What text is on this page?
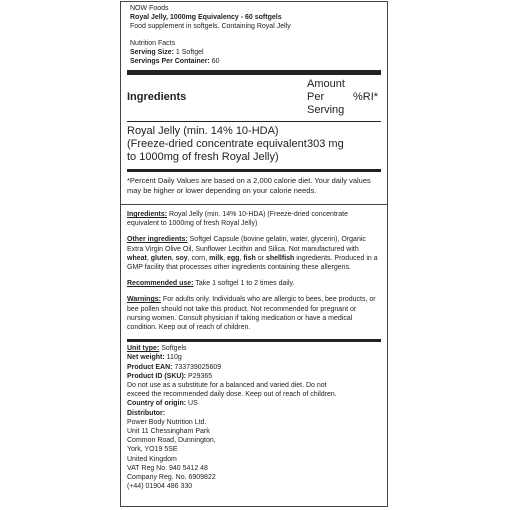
NOW Foods
Royal Jelly, 1000mg Equivalency - 60 softgels
Food supplement in softgels. Containing Royal Jelly
Nutrition Facts
Serving Size: 1 Softgel
Servings Per Container: 60
Ingredients
Amount Per Serving
%RI*
Royal Jelly (min. 14% 10-HDA) (Freeze-dried concentrate equivalent to 1000mg of fresh Royal Jelly)
303 mg
*Percent Daily Values are based on a 2,000 calorie diet. Your daily values may be higher or lower depending on your calorie needs.
Ingredients: Royal Jelly (min. 14% 10-HDA) (Freeze-dried concentrate equivalent to 1000mg of fresh Royal Jelly)
Other ingredients: Softgel Capsule (bovine gelatin, water, glycerin), Organic Extra Virgin Olive Oil, Sunflower Lecithin and Silica. Not manufactured with wheat, gluten, soy, corn, milk, egg, fish or shellfish ingredients. Produced in a GMP facility that processes other ingredients containing these allergens.
Recommended use: Take 1 softgel 1 to 2 times daily.
Warnings: For adults only. Individuals who are allergic to bees, bee products, or bee pollen should not take this product. Not recommended for pregnant or nursing women. Consult physician if taking medication or have a medical condition. Keep out of reach of children.
Unit type: Softgels
Net weight: 110g
Product EAN: 733739025609
Product ID (SKU): P29365
Do not use as a substitute for a balanced and varied diet. Do not
exceed the recommended daily dose. Keep out of reach of children.
Country of origin: US
Distributor:
Power Body Nutrition Ltd.
Unit 11 Chessingham Park
Common Road, Dunnington,
York, YO19 5SE
United Kingdom
VAT Reg No. 940 5412 48
Company Reg. No. 6909822
(+44) 01904 486 330
